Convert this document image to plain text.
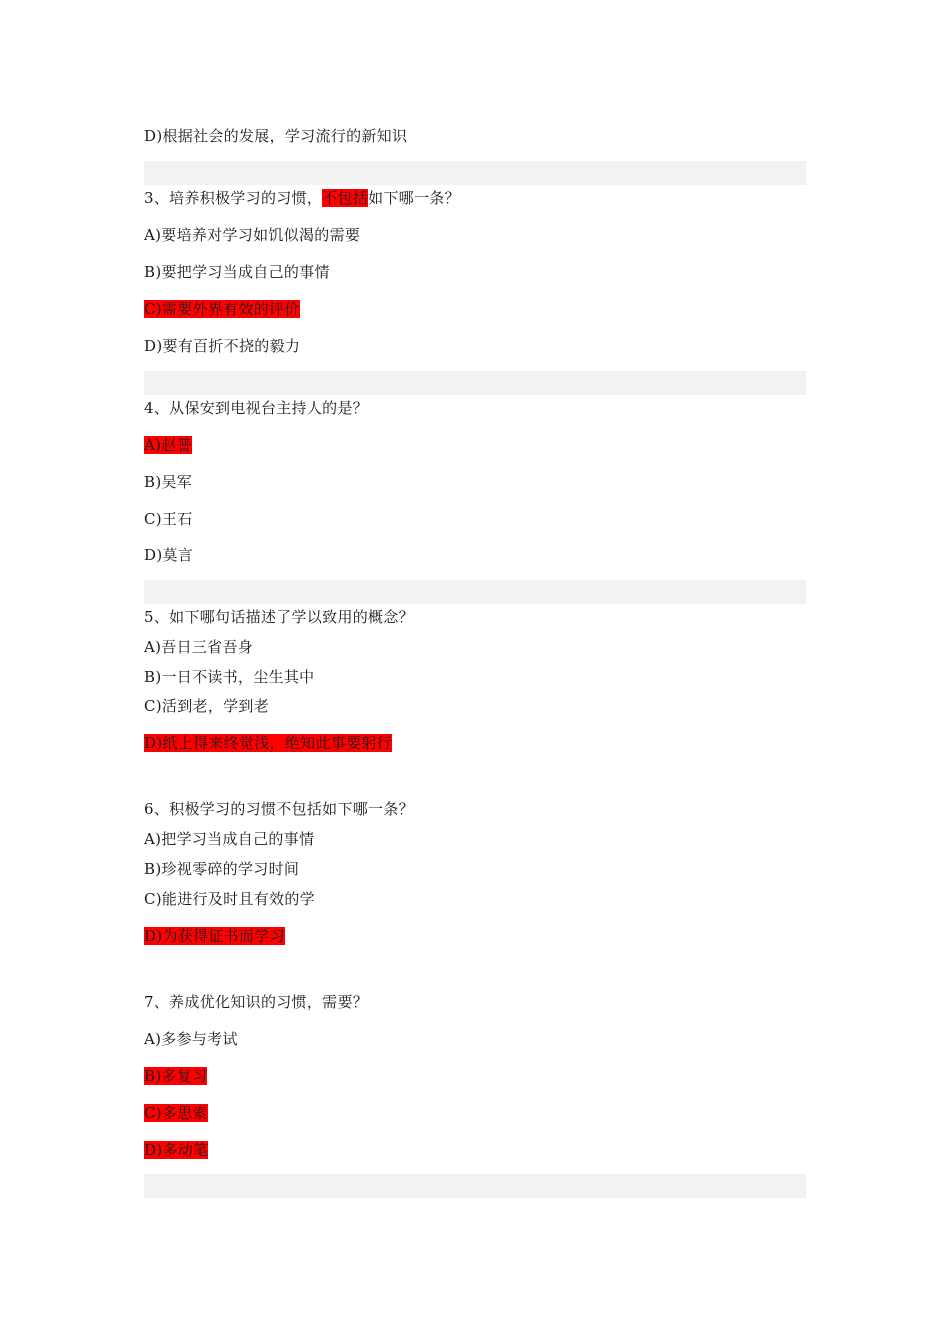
D)根据社会的发展，学习流行的新知识
3、培养积极学习的习惯，不包括如下哪一条？
A)要培养对学习如饥似渴的需要
B)要把学习当成自己的事情
C)需要外界有效的评价
D)要有百折不挠的毅力
4、从保安到电视台主持人的是？
A)赵普
B)吴军
C)王石
D)莫言
5、如下哪句话描述了学以致用的概念？
A)吾日三省吾身
B)一日不读书，尘生其中
C)活到老，学到老
D)纸上得来终觉浅，绝知此事要躬行
6、积极学习的习惯不包括如下哪一条？
A)把学习当成自己的事情
B)珍视零碎的学习时间
C)能进行及时且有效的学
D)为获得证书而学习
7、养成优化知识的习惯，需要？
A)多参与考试
B)多复习
C)多思索
D)多动笔
